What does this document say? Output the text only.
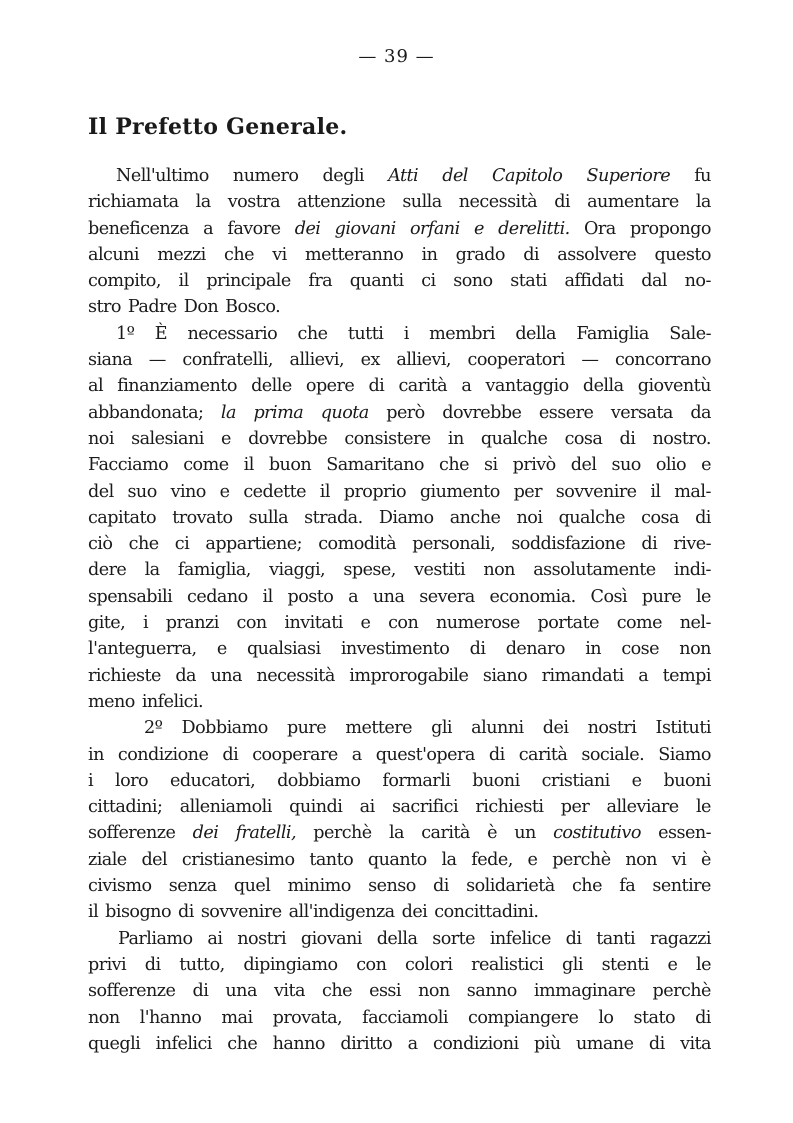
— 39 —
Il Prefetto Generale.
Nell'ultimo numero degli Atti del Capitolo Superiore fu
richiamata la vostra attenzione sulla necessità di aumentare la
beneficenza a favore dei giovani orfani e derelitti. Ora propongo
alcuni mezzi che vi metteranno in grado di assolvere questo
compito, il principale fra quanti ci sono stati affidati dal no-
stro Padre Don Bosco.
1º È necessario che tutti i membri della Famiglia Sale-
siana — confratelli, allievi, ex allievi, cooperatori — concorrano
al finanziamento delle opere di carità a vantaggio della gioventù
abbandonata; la prima quota però dovrebbe essere versata da
noi salesiani e dovrebbe consistere in qualche cosa di nostro.
Facciamo come il buon Samaritano che si privò del suo olio e
del suo vino e cedette il proprio giumento per sovvenire il mal-
capitato trovato sulla strada. Diamo anche noi qualche cosa di
ciò che ci appartiene; comodità personali, soddisfazione di rive-
dere la famiglia, viaggi, spese, vestiti non assolutamente indi-
spensabili cedano il posto a una severa economia. Così pure le
gite, i pranzi con invitati e con numerose portate come nel-
l'anteguerra, e qualsiasi investimento di denaro in cose non
richieste da una necessità improrogabile siano rimandati a tempi
meno infelici.
2º Dobbiamo pure mettere gli alunni dei nostri Istituti
in condizione di cooperare a quest'opera di carità sociale. Siamo
i loro educatori, dobbiamo formarli buoni cristiani e buoni
cittadini; alleniamoli quindi ai sacrifici richiesti per alleviare le
sofferenze dei fratelli, perchè la carità è un costitutivo essen-
ziale del cristianesimo tanto quanto la fede, e perchè non vi è
civismo senza quel minimo senso di solidarietà che fa sentire
il bisogno di sovvenire all'indigenza dei concittadini.
Parliamo ai nostri giovani della sorte infelice di tanti ragazzi
privi di tutto, dipingiamo con colori realistici gli stenti e le
sofferenze di una vita che essi non sanno immaginare perchè
non l'hanno mai provata, facciamoli compiangere lo stato di
quegli infelici che hanno diritto a condizioni più umane di vita
